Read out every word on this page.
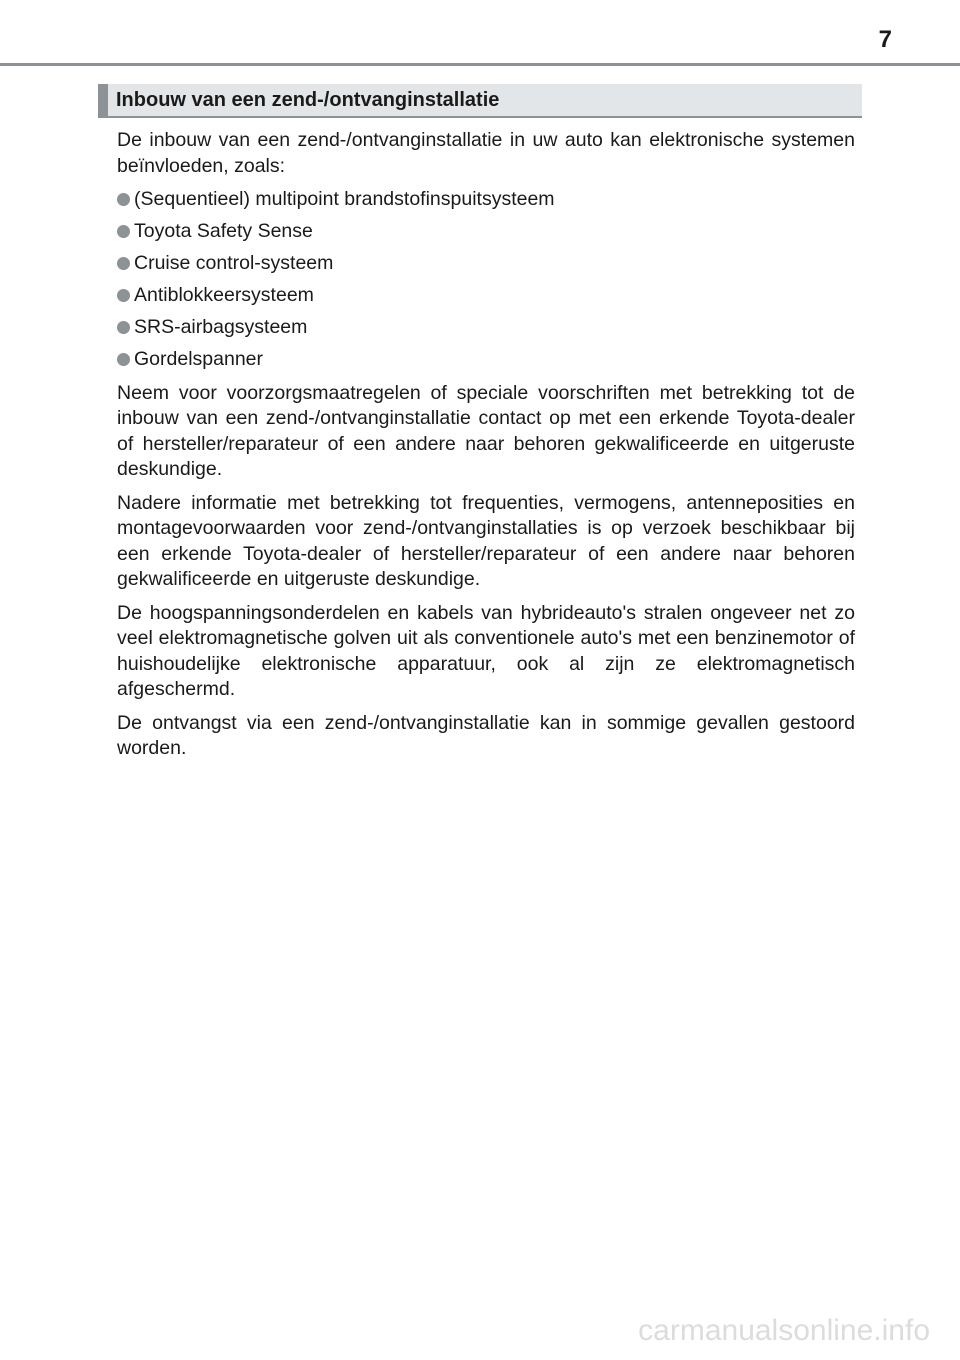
7
Inbouw van een zend-/ontvanginstallatie

De inbouw van een zend-/ontvanginstallatie in uw auto kan elektronische systemen beïnvloeden, zoals:

(Sequentieel) multipoint brandstofinspuitsysteem
Toyota Safety Sense
Cruise control-systeem
Antiblokkeersysteem
SRS-airbagsysteem
Gordelspanner

Neem voor voorzorgsmaatregelen of speciale voorschriften met betrekking tot de inbouw van een zend-/ontvanginstallatie contact op met een erkende Toyota-dealer of hersteller/reparateur of een andere naar behoren gekwalificeerde en uitgeruste deskundige.

Nadere informatie met betrekking tot frequenties, vermogens, antenneposities en montagevoorwaarden voor zend-/ontvanginstallaties is op verzoek beschikbaar bij een erkende Toyota-dealer of hersteller/reparateur of een andere naar behoren gekwalificeerde en uitgeruste deskundige.

De hoogspanningsonderdelen en kabels van hybrideauto's stralen ongeveer net zo veel elektromagnetische golven uit als conventionele auto's met een benzinemotor of huishoudelijke elektronische apparatuur, ook al zijn ze elektromagnetisch afgeschermd.

De ontvangst via een zend-/ontvanginstallatie kan in sommige gevallen gestoord worden.

carmanualsonline.info
